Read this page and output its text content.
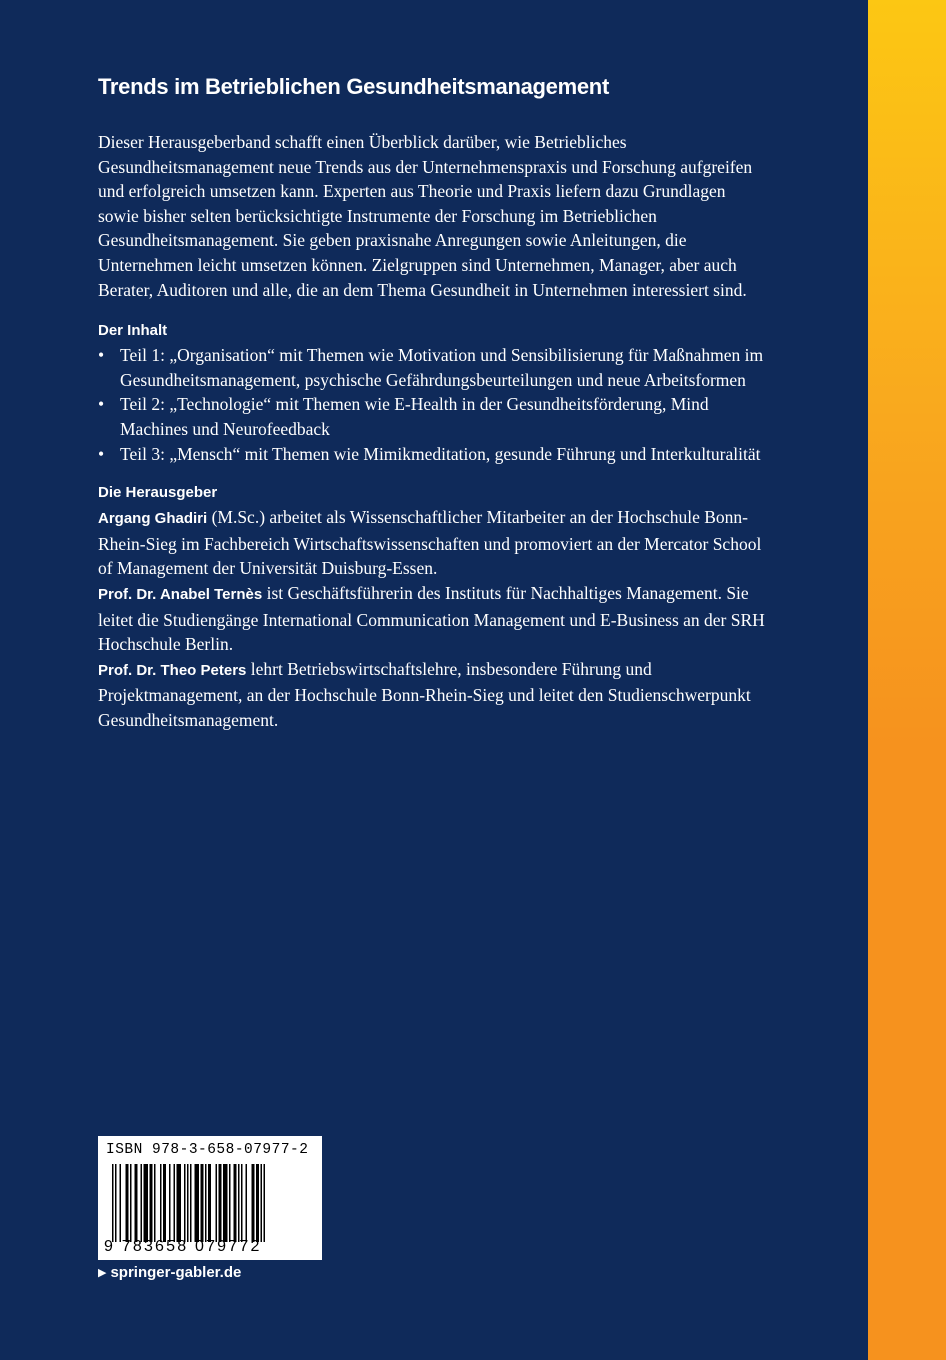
Trends im Betrieblichen Gesundheitsmanagement

Dieser Herausgeberband schafft einen Überblick darüber, wie Betriebliches Gesundheitsmanagement neue Trends aus der Unternehmenspraxis und Forschung aufgreifen und erfolgreich umsetzen kann. Experten aus Theorie und Praxis liefern dazu Grundlagen sowie bisher selten berücksichtigte Instrumente der Forschung im Betrieblichen Gesundheitsmanagement. Sie geben praxisnahe Anregungen sowie Anleitungen, die Unternehmen leicht umsetzen können. Zielgruppen sind Unternehmen, Manager, aber auch Berater, Auditoren und alle, die an dem Thema Gesundheit in Unternehmen interessiert sind.

Der Inhalt
• Teil 1: „Organisation“ mit Themen wie Motivation und Sensibilisierung für Maßnahmen im Gesundheitsmanagement, psychische Gefährdungsbeurteilungen und neue Arbeitsformen
• Teil 2: „Technologie“ mit Themen wie E-Health in der Gesundheitsförderung, Mind Machines und Neurofeedback
• Teil 3: „Mensch“ mit Themen wie Mimikmeditation, gesunde Führung und Interkulturalität
Die Herausgeber

Argang Ghadiri (M.Sc.) arbeitet als Wissenschaftlicher Mitarbeiter an der Hochschule Bonn-Rhein-Sieg im Fachbereich Wirtschaftswissenschaften und promoviert an der Mercator School of Management der Universität Duisburg-Essen.

Prof. Dr. Anabel Ternès ist Geschäftsführerin des Instituts für Nachhaltiges Management. Sie leitet die Studiengänge International Communication Management und E-Business an der SRH Hochschule Berlin.

Prof. Dr. Theo Peters lehrt Betriebswirtschaftslehre, insbesondere Führung und Projektmanagement, an der Hochschule Bonn-Rhein-Sieg und leitet den Studienschwerpunkt Gesundheitsmanagement.

ISBN 978-3-658-07977-2
9 783658 079772
▶ springer-gabler.de
